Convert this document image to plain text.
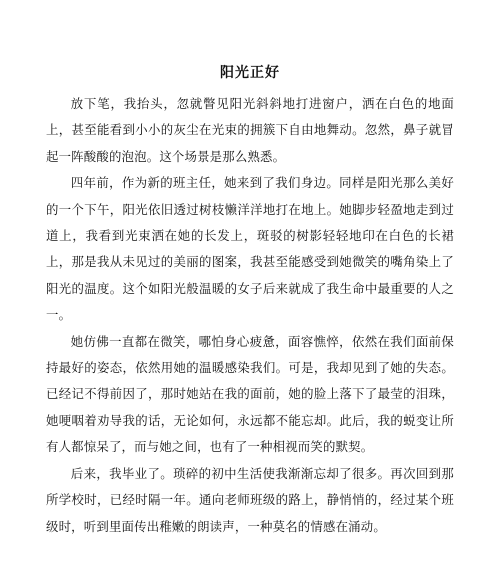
阳光正好

放下笔，我抬头，忽就瞥见阳光斜斜地打进窗户，洒在白色的地面上，甚至能看到小小的灰尘在光束的拥簇下自由地舞动。忽然，鼻子就冒起一阵酸酸的泡泡。这个场景是那么熟悉。

四年前，作为新的班主任，她来到了我们身边。同样是阳光那么美好的一个下午，阳光依旧透过树枝懒洋洋地打在地上。她脚步轻盈地走到过道上，我看到光束洒在她的长发上，斑驳的树影轻轻地印在白色的长裙上，那是我从未见过的美丽的图案，我甚至能感受到她微笑的嘴角染上了阳光的温度。这个如阳光般温暖的女子后来就成了我生命中最重要的人之一。

她仿佛一直都在微笑，哪怕身心疲惫，面容憔悴，依然在我们面前保持最好的姿态，依然用她的温暖感染我们。可是，我却见到了她的失态。已经记不得前因了，那时她站在我的面前，她的脸上落下了最莹的泪珠，她哽咽着劝导我的话，无论如何，永远都不能忘却。此后，我的蜕变让所有人都惊呆了，而与她之间，也有了一种相视而笑的默契。

后来，我毕业了。琐碎的初中生活使我渐渐忘却了很多。再次回到那所学校时，已经时隔一年。通向老师班级的路上，静悄悄的，经过某个班级时，听到里面传出稚嫩的朗读声，一种莫名的情感在涌动。
